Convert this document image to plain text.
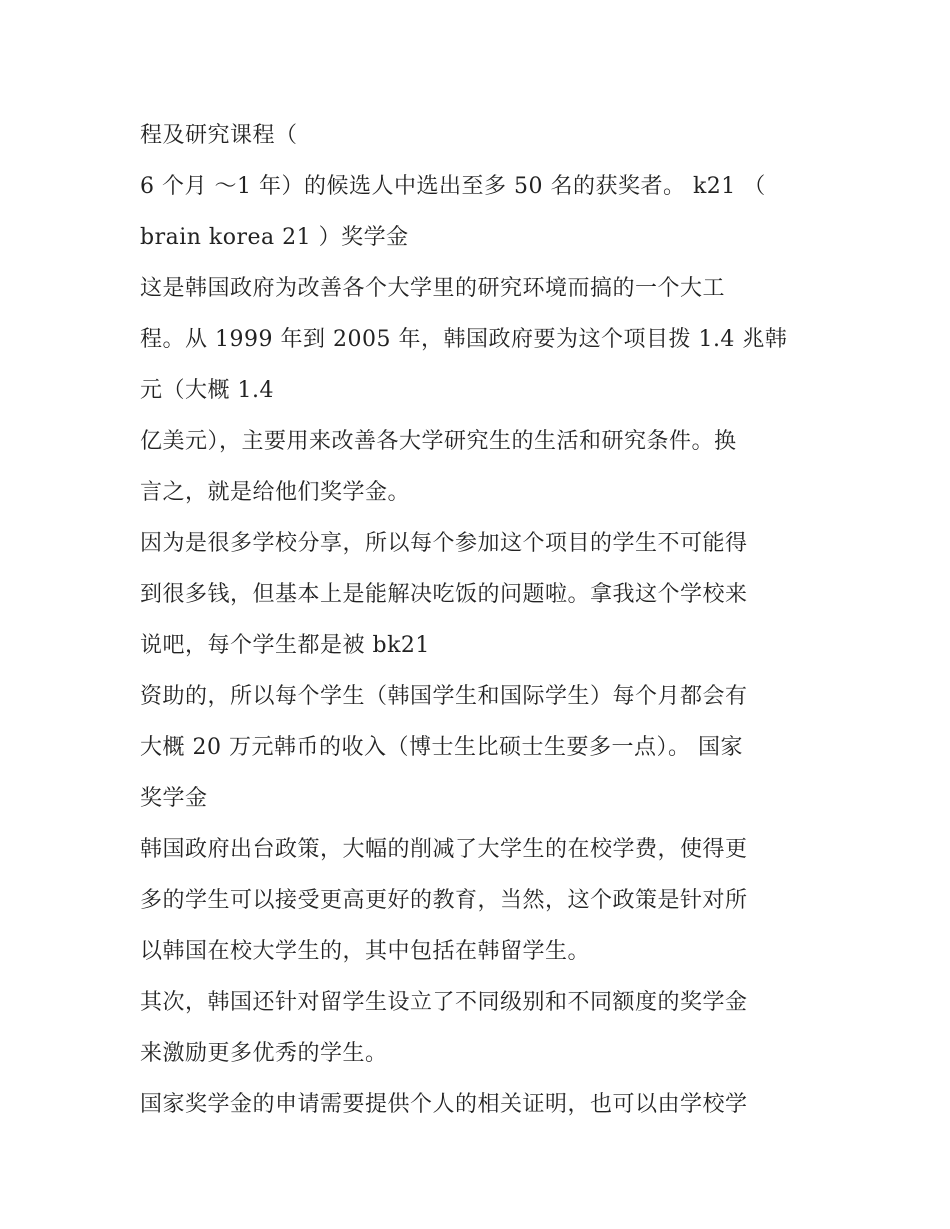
程及研究课程（
6 个月 ～1 年）的候选人中选出至多 50 名的获奖者。 k21 （
brain korea 21 ）奖学金
这是韩国政府为改善各个大学里的研究环境而搞的一个大工
程。从 1999 年到 2005 年，韩国政府要为这个项目拨 1.4 兆韩
元（大概 1.4
亿美元），主要用来改善各大学研究生的生活和研究条件。换
言之，就是给他们奖学金。
因为是很多学校分享，所以每个参加这个项目的学生不可能得
到很多钱，但基本上是能解决吃饭的问题啦。拿我这个学校来
说吧，每个学生都是被 bk21
资助的，所以每个学生（韩国学生和国际学生）每个月都会有
大概 20 万元韩币的收入（博士生比硕士生要多一点）。 国家
奖学金
韩国政府出台政策，大幅的削减了大学生的在校学费，使得更
多的学生可以接受更高更好的教育，当然，这个政策是针对所
以韩国在校大学生的，其中包括在韩留学生。
其次，韩国还针对留学生设立了不同级别和不同额度的奖学金
来激励更多优秀的学生。
国家奖学金的申请需要提供个人的相关证明，也可以由学校学
